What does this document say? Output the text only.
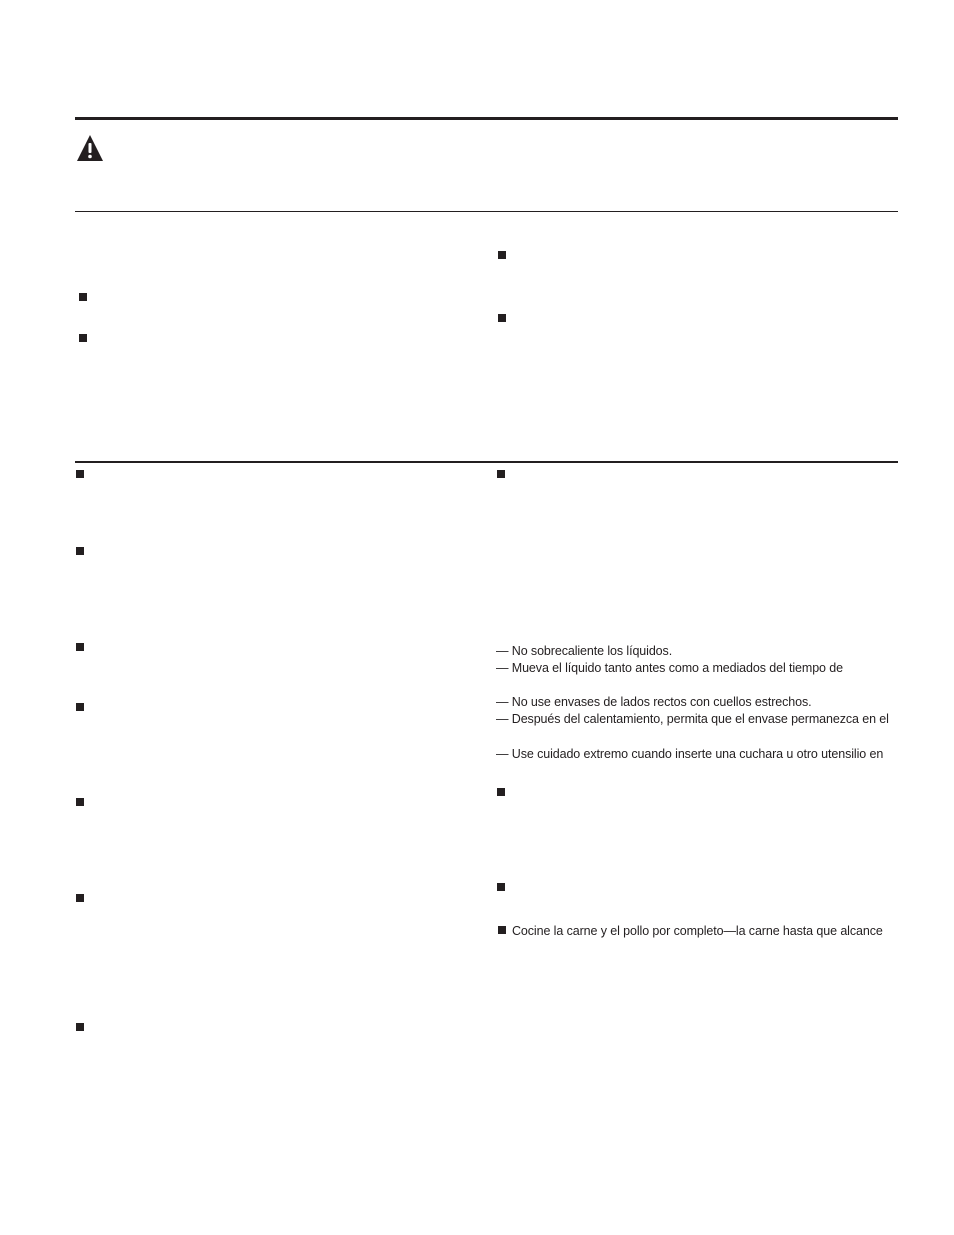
— No sobrecaliente los líquidos.
— Mueva el líquido tanto antes como a mediados del tiempo de
— No use envases de lados rectos con cuellos estrechos.
— Después del calentamiento, permita que el envase permanezca en el
— Use cuidado extremo cuando inserte una cuchara u otro utensilio en
Cocine la carne y el pollo por completo—la carne hasta que alcance
